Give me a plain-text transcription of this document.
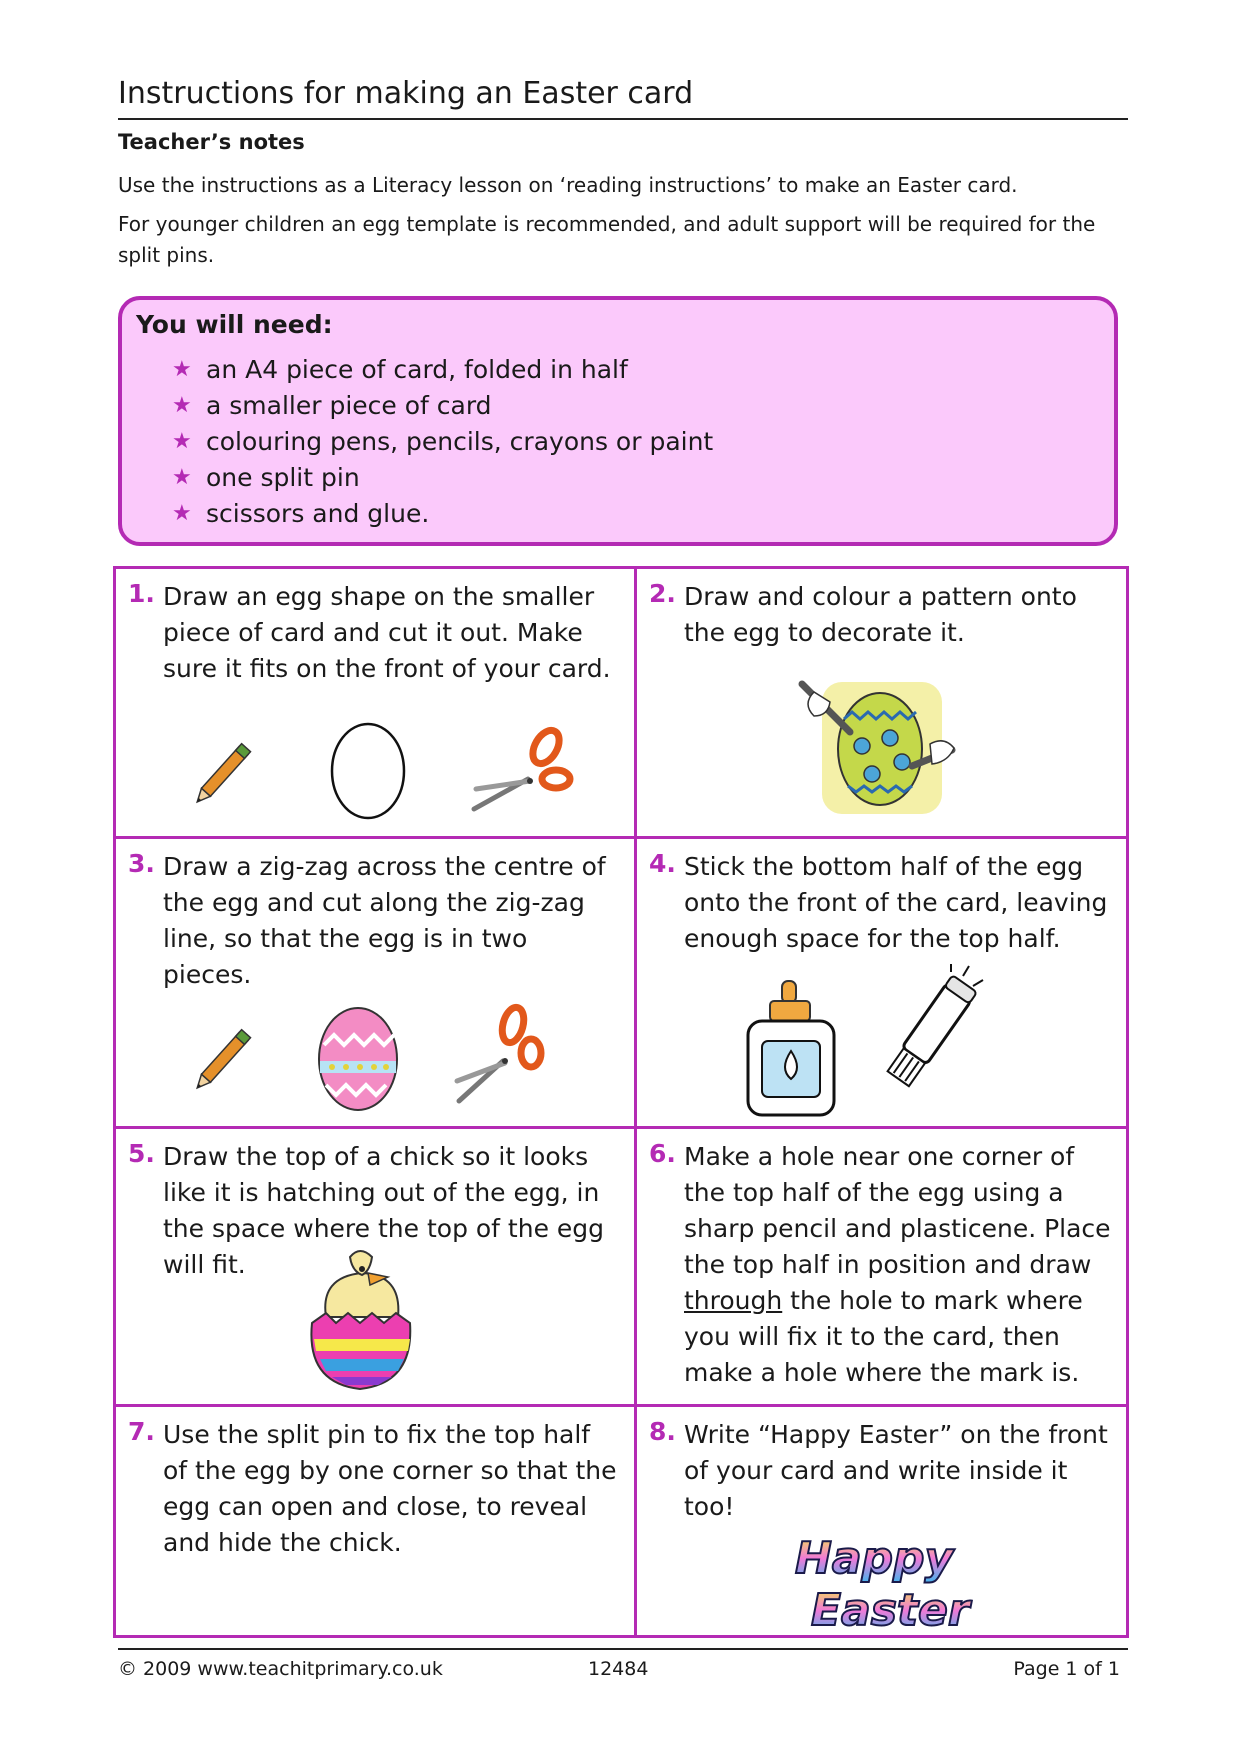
Instructions for making an Easter card
Teacher’s notes
Use the instructions as a Literacy lesson on ‘reading instructions’ to make an Easter card.
For younger children an egg template is recommended, and adult support will be required for the split pins.
You will need:
★ an A4 piece of card, folded in half
★ a smaller piece of card
★ colouring pens, pencils, crayons or paint
★ one split pin
★ scissors and glue.
1. Draw an egg shape on the smaller piece of card and cut it out. Make sure it fits on the front of your card.
2. Draw and colour a pattern onto the egg to decorate it.
3. Draw a zig-zag across the centre of the egg and cut along the zig-zag line, so that the egg is in two pieces.
4. Stick the bottom half of the egg onto the front of the card, leaving enough space for the top half.
5. Draw the top of a chick so it looks like it is hatching out of the egg, in the space where the top of the egg will fit.
6. Make a hole near one corner of the top half of the egg using a sharp pencil and plasticene. Place the top half in position and draw through the hole to mark where you will fix it to the card, then make a hole where the mark is.
7. Use the split pin to fix the top half of the egg by one corner so that the egg can open and close, to reveal and hide the chick.
8. Write “Happy Easter” on the front of your card and write inside it too!
Happy
Easter
© 2009 www.teachitprimary.co.uk	12484	Page 1 of 1
